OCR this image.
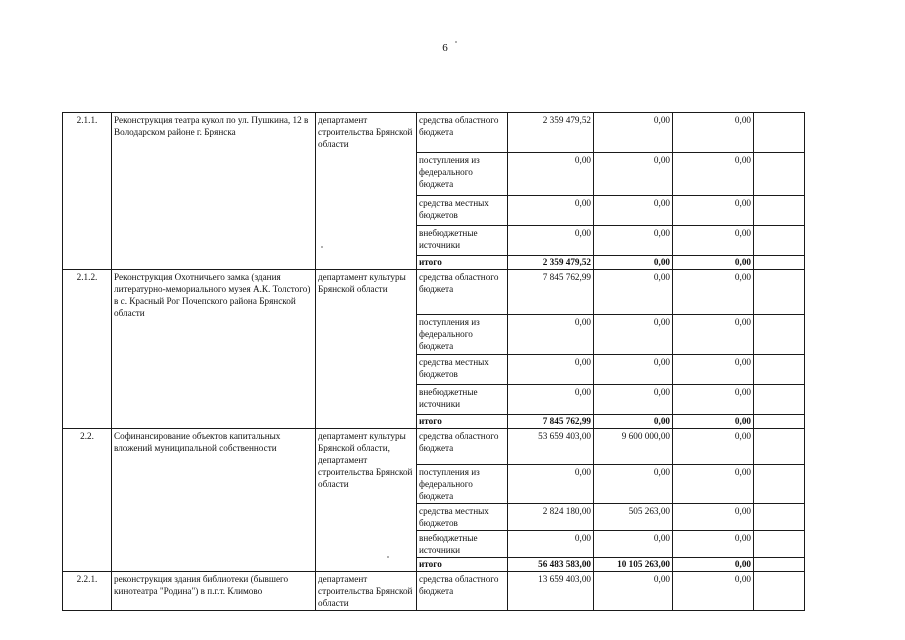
6
2.1.1.	Реконструкция театра кукол по ул. Пушкина, 12 в Володарском районе г. Брянска	департамент строительства Брянской области	средства областного бюджета	2 359 479,52	0,00	0,00	
			поступления из федерального бюджета	0,00	0,00	0,00	
			средства местных бюджетов	0,00	0,00	0,00	
			внебюджетные источники	0,00	0,00	0,00	
			итого	2 359 479,52	0,00	0,00	
2.1.2.	Реконструкция Охотничьего замка (здания литературно-мемориального музея А.К. Толстого) в с. Красный Рог Почепского района Брянской области	департамент культуры Брянской области	средства областного бюджета	7 845 762,99	0,00	0,00	
			поступления из федерального бюджета	0,00	0,00	0,00	
			средства местных бюджетов	0,00	0,00	0,00	
			внебюджетные источники	0,00	0,00	0,00	
			итого	7 845 762,99	0,00	0,00	
2.2.	Софинансирование объектов капитальных вложений муниципальной собственности	департамент культуры Брянской области, департамент строительства Брянской области	средства областного бюджета	53 659 403,00	9 600 000,00	0,00	
			поступления из федерального бюджета	0,00	0,00	0,00	
			средства местных бюджетов	2 824 180,00	505 263,00	0,00	
			внебюджетные источники	0,00	0,00	0,00	
			итого	56 483 583,00	10 105 263,00	0,00	
2.2.1.	реконструкция здания библиотеки (бывшего кинотеатра "Родина") в п.г.т. Климово	департамент строительства Брянской области	средства областного бюджета	13 659 403,00	0,00	0,00	
